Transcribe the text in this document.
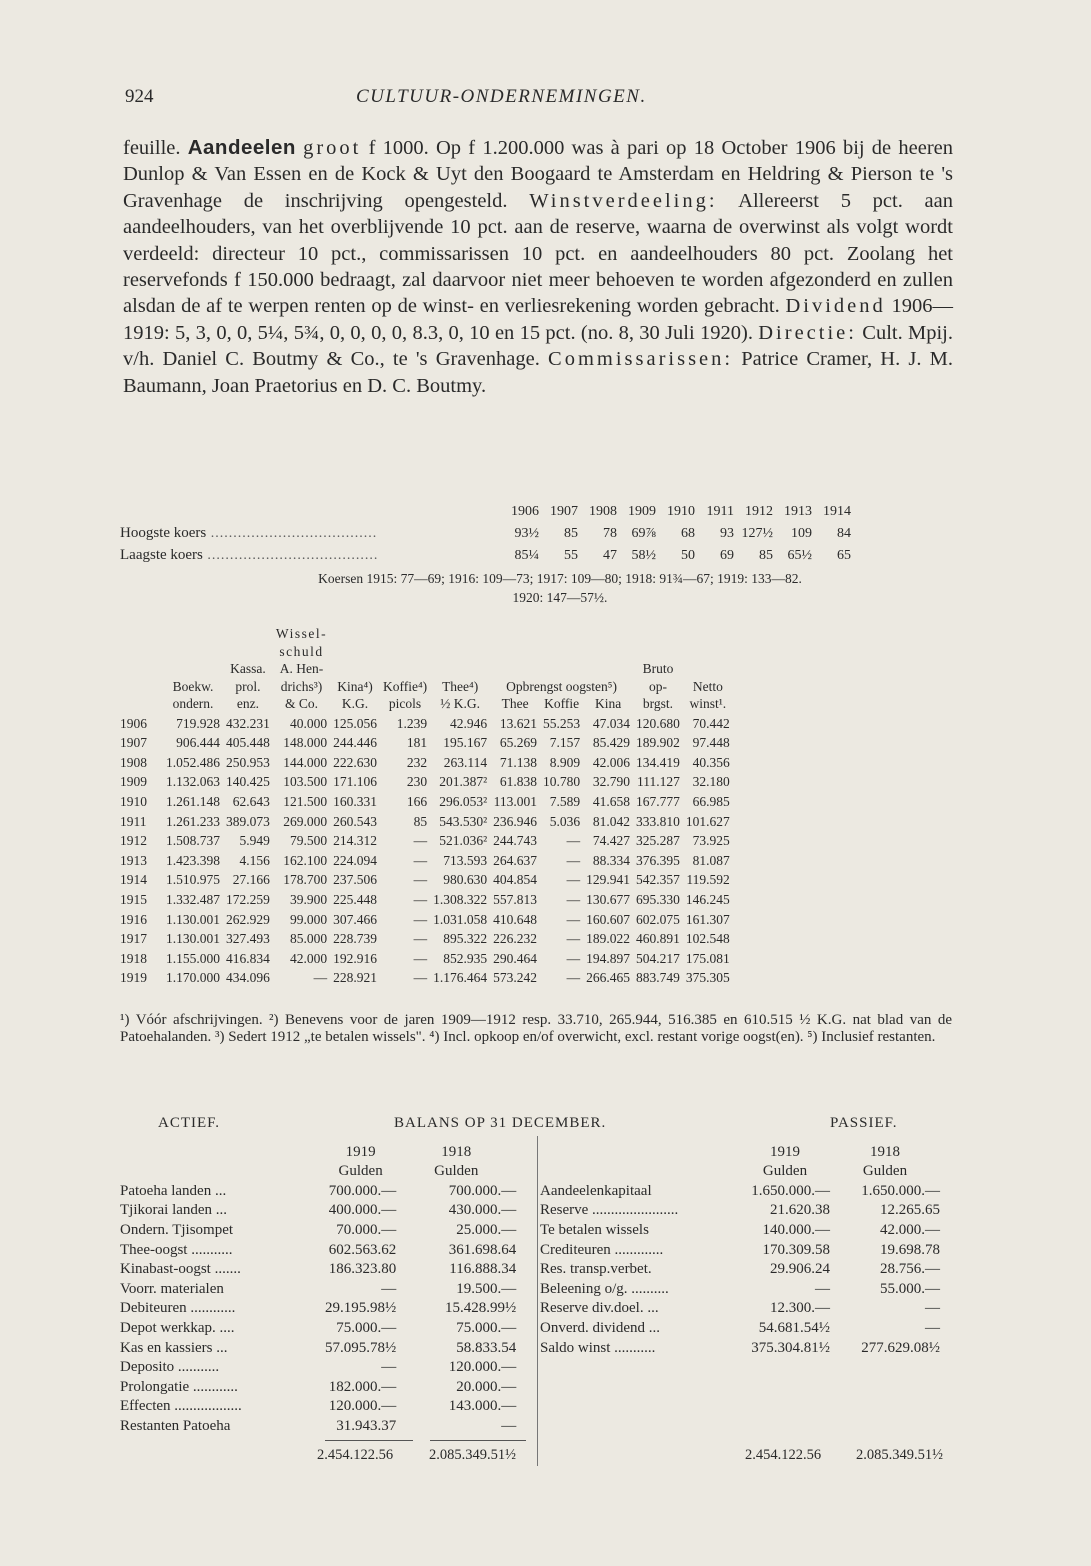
924	CULTUUR-ONDERNEMINGEN.

feuille. Aandeelen groot f 1000. Op f 1.200.000 was à pari op 18 October 1906 bij de heeren Dunlop & Van Essen en de Kock & Uyt den Boogaard te Amsterdam en Heldring & Pierson te 's Gravenhage de inschrijving opengesteld. Winstverdeeling: Allereerst 5 pct. aan aandeelhouders, van het overblijvende 10 pct. aan de reserve, waarna de overwinst als volgt wordt verdeeld: directeur 10 pct., commissarissen 10 pct. en aandeelhouders 80 pct. Zoolang het reservefonds f 150.000 bedraagt, zal daarvoor niet meer behoeven te worden afgezonderd en zullen alsdan de af te werpen renten op de winst- en verliesrekening worden gebracht. Dividend 1906—1919: 5, 3, 0, 0, 5¼, 5¾, 0, 0, 0, 0, 8.3, 0, 10 en 15 pct. (no. 8, 30 Juli 1920). Directie: Cult. Mpij. v/h. Daniel C. Boutmy & Co., te 's Gravenhage. Commissarissen: Patrice Cramer, H. J. M. Baumann, Joan Praetorius en D. C. Boutmy.

	1906	1907	1908	1909	1910	1911	1912	1913	1914
Hoogste koers .....................................	93½	85	78	69⅞	68	93	127½	109	84
Laagste koers ......................................	85¼	55	47	58½	50	69	85	65½	65
Koersen 1915: 77—69; 1916: 109—73; 1917: 109—80; 1918: 91¾—67; 1919: 133—82.
1920: 147—57½.
			Wissel-								
			schuld								
		Kassa.	A. Hen-							Bruto	
	Boekw.	prol.	drichs³)	Kina⁴)	Koffie⁴)	Thee⁴)	Opbrengst oogsten⁵)			op-	Netto
	ondern.	enz.	& Co.	K.G.	picols	½ K.G.	Thee	Koffie	Kina	brgst.	winst¹.
1906	719.928	432.231	40.000	125.056	1.239	42.946	13.621	55.253	47.034	120.680	70.442
1907	906.444	405.448	148.000	244.446	181	195.167	65.269	7.157	85.429	189.902	97.448
1908	1.052.486	250.953	144.000	222.630	232	263.114	71.138	8.909	42.006	134.419	40.356
1909	1.132.063	140.425	103.500	171.106	230	201.387²	61.838	10.780	32.790	111.127	32.180
1910	1.261.148	62.643	121.500	160.331	166	296.053²	113.001	7.589	41.658	167.777	66.985
1911	1.261.233	389.073	269.000	260.543	85	543.530²	236.946	5.036	81.042	333.810	101.627
1912	1.508.737	5.949	79.500	214.312	—	521.036²	244.743	—	74.427	325.287	73.925
1913	1.423.398	4.156	162.100	224.094	—	713.593	264.637	—	88.334	376.395	81.087
1914	1.510.975	27.166	178.700	237.506	—	980.630	404.854	—	129.941	542.357	119.592
1915	1.332.487	172.259	39.900	225.448	—	1.308.322	557.813	—	130.677	695.330	146.245
1916	1.130.001	262.929	99.000	307.466	—	1.031.058	410.648	—	160.607	602.075	161.307
1917	1.130.001	327.493	85.000	228.739	—	895.322	226.232	—	189.022	460.891	102.548
1918	1.155.000	416.834	42.000	192.916	—	852.935	290.464	—	194.897	504.217	175.081
1919	1.170.000	434.096	—	228.921	—	1.176.464	573.242	—	266.465	883.749	375.305

¹) Vóór afschrijvingen. ²) Benevens voor de jaren 1909—1912 resp. 33.710, 265.944, 516.385 en 610.515 ½ K.G. nat blad van de Patoehalanden. ³) Sedert 1912 „te betalen wissels". ⁴) Incl. opkoop en/of overwicht, excl. restant vorige oogst(en). ⁵) Inclusief restanten.

ACTIEF.	BALANS OP 31 DECEMBER.	PASSIEF.
	1919	1918
	Gulden	Gulden
Patoeha landen ...	700.000.—	700.000.—
Tjikorai landen ...	400.000.—	430.000.—
Ondern. Tjisompet	70.000.—	25.000.—
Thee-oogst ...........	602.563.62	361.698.64
Kinabast-oogst .......	186.323.80	116.888.34
Voorr. materialen	—	19.500.—
Debiteuren ............	29.195.98½	15.428.99½
Depot werkkap. ....	75.000.—	75.000.—
Kas en kassiers ...	57.095.78½	58.833.54
Deposito ...........	—	120.000.—
Prolongatie ............	182.000.—	20.000.—
Effecten ..................	120.000.—	143.000.—
Restanten Patoeha	31.943.37	—
	1919	1918
	Gulden	Gulden
Aandeelenkapitaal	1.650.000.—	1.650.000.—
Reserve .......................	21.620.38	12.265.65
Te betalen wissels	140.000.—	42.000.—
Crediteuren .............	170.309.58	19.698.78
Res. transp.verbet.	29.906.24	28.756.—
Beleening o/g. ..........	—	55.000.—
Reserve div.doel. ...	12.300.—	—
Onverd. dividend ...	54.681.54½	—
Saldo winst ...........	375.304.81½	277.629.08½
2.454.122.56 2.085.349.51½	2.454.122.56 2.085.349.51½
